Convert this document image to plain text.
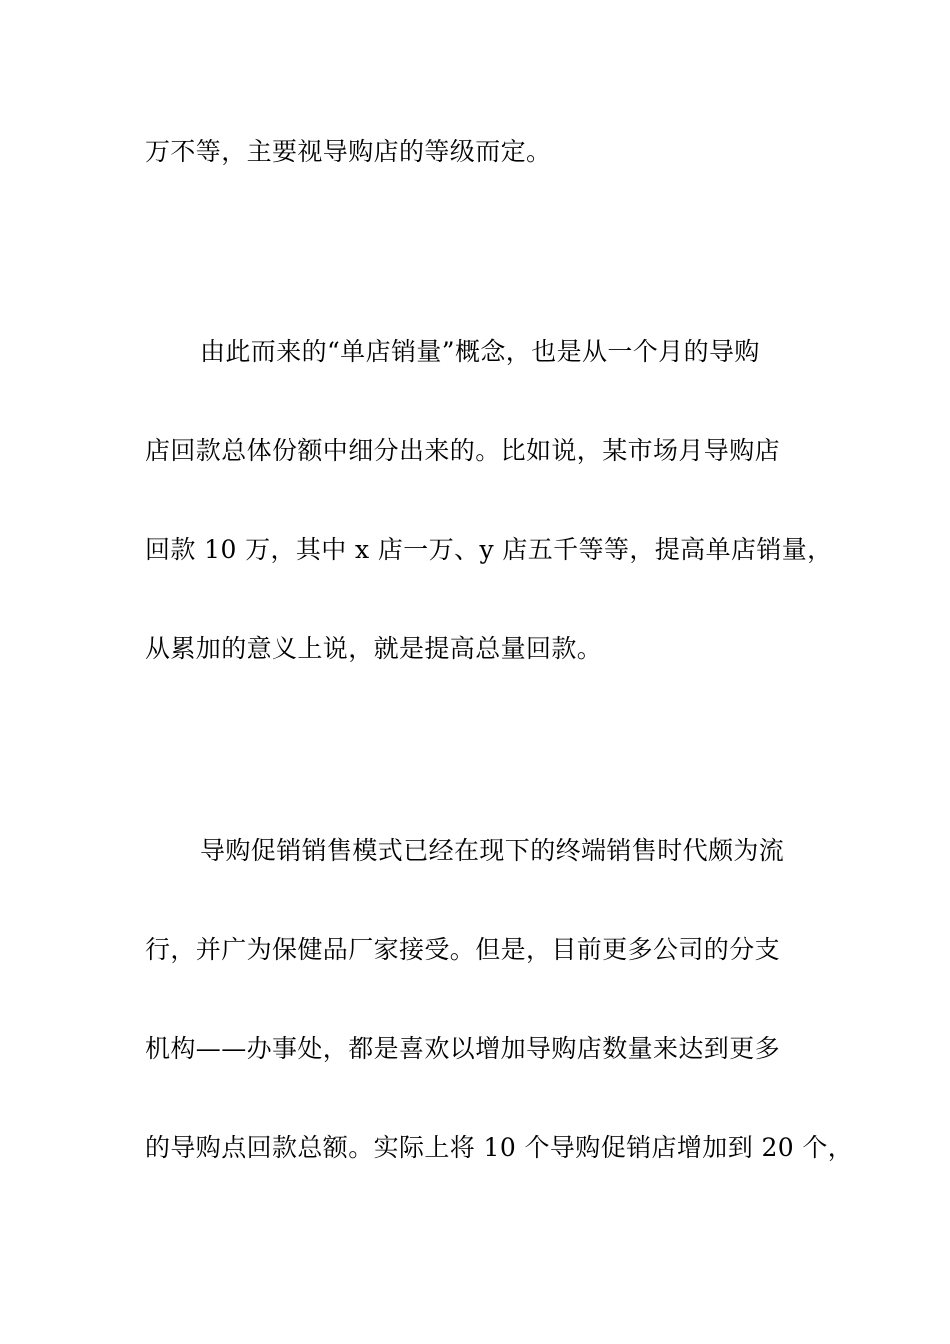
万不等，主要视导购店的等级而定。
由此而来的“单店销量”概念，也是从一个月的导购
店回款总体份额中细分出来的。比如说，某市场月导购店
回款 10 万，其中 x 店一万、y 店五千等等，提高单店销量，
从累加的意义上说，就是提高总量回款。
导购促销销售模式已经在现下的终端销售时代颇为流
行，并广为保健品厂家接受。但是，目前更多公司的分支
机构——办事处，都是喜欢以增加导购店数量来达到更多
的导购点回款总额。实际上将 10 个导购促销店增加到 20 个，
